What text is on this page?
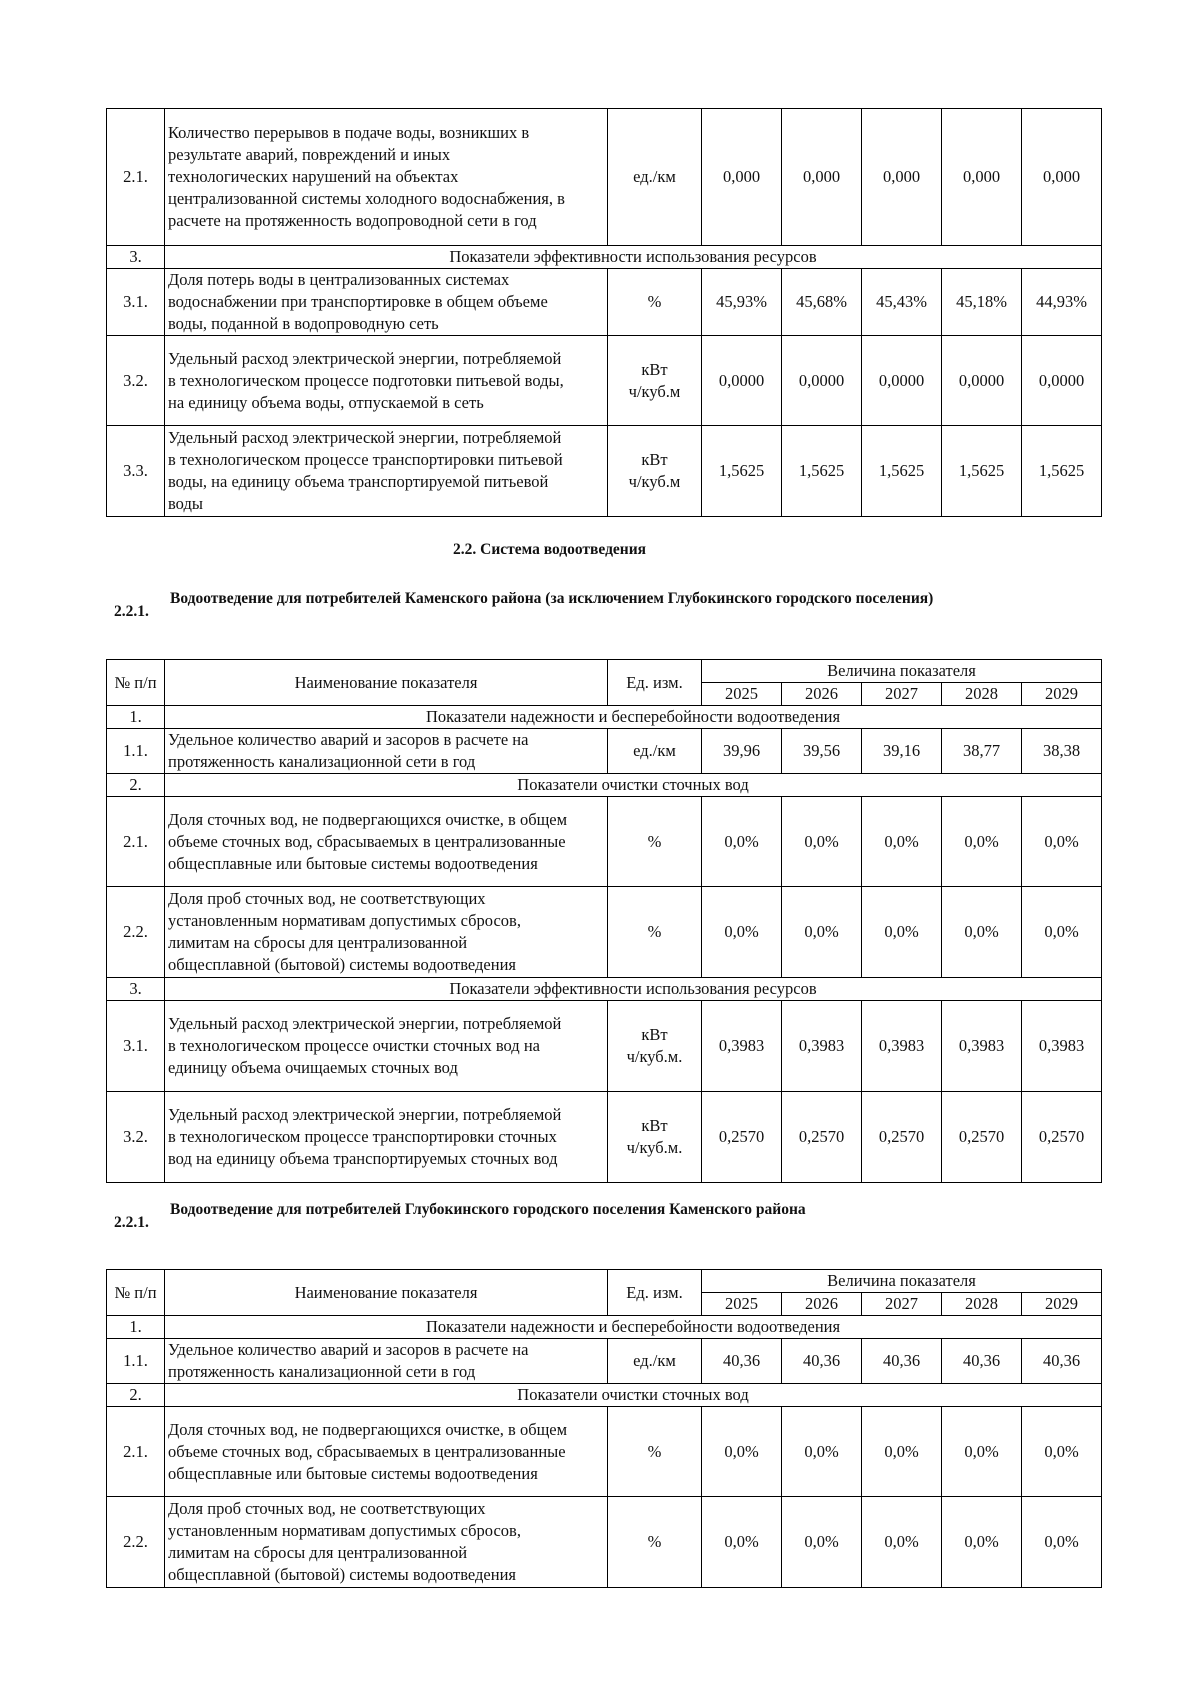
2.1.	Количество перерывов в подаче воды, возникших в
результате аварий, повреждений и иных
технологических нарушений на объектах
централизованной системы холодного водоснабжения, в
расчете на протяженность водопроводной сети в год	ед./км	0,000	0,000	0,000	0,000	0,000
3.	Показатели эффективности использования ресурсов						
3.1.	Доля потерь воды в централизованных системах
водоснабжении при транспортировке в общем объеме
воды, поданной в водопроводную сеть	%	45,93%	45,68%	45,43%	45,18%	44,93%
3.2.	Удельный расход электрической энергии, потребляемой
в технологическом процессе подготовки питьевой воды,
на единицу объема воды, отпускаемой в сеть	кВт
ч/куб.м	0,0000	0,0000	0,0000	0,0000	0,0000
3.3.	Удельный расход электрической энергии, потребляемой
в технологическом процессе транспортировки питьевой
воды, на единицу объема транспортируемой питьевой
воды	кВт
ч/куб.м	1,5625	1,5625	1,5625	1,5625	1,5625
2.2. Система водоотведения
2.2.1.
Водоотведение для потребителей Каменского района (за исключением Глубокинского городского поселения)
№ п/п	Наименование показателя	Ед. изм.	Величина показателя				
			2025	2026	2027	2028	2029
1.	Показатели надежности и бесперебойности водоотведения						
1.1.	Удельное количество аварий и засоров в расчете на
протяженность канализационной сети в год	ед./км	39,96	39,56	39,16	38,77	38,38
2.	Показатели очистки сточных вод						
2.1.	Доля сточных вод, не подвергающихся очистке, в общем
объеме сточных вод, сбрасываемых в централизованные
общесплавные или бытовые системы водоотведения	%	0,0%	0,0%	0,0%	0,0%	0,0%
2.2.	Доля проб сточных вод, не соответствующих
установленным нормативам допустимых сбросов,
лимитам на сбросы для централизованной
общесплавной (бытовой) системы водоотведения	%	0,0%	0,0%	0,0%	0,0%	0,0%
3.	Показатели эффективности использования ресурсов						
3.1.	Удельный расход электрической энергии, потребляемой
в технологическом процессе очистки сточных вод на
единицу объема очищаемых сточных вод	кВт
ч/куб.м.	0,3983	0,3983	0,3983	0,3983	0,3983
3.2.	Удельный расход электрической энергии, потребляемой
в технологическом процессе транспортировки сточных
вод на единицу объема транспортируемых сточных вод	кВт
ч/куб.м.	0,2570	0,2570	0,2570	0,2570	0,2570
2.2.1.
Водоотведение для потребителей Глубокинского городского поселения Каменского района
№ п/п	Наименование показателя	Ед. изм.	Величина показателя				
			2025	2026	2027	2028	2029
1.	Показатели надежности и бесперебойности водоотведения						
1.1.	Удельное количество аварий и засоров в расчете на
протяженность канализационной сети в год	ед./км	40,36	40,36	40,36	40,36	40,36
2.	Показатели очистки сточных вод						
2.1.	Доля сточных вод, не подвергающихся очистке, в общем
объеме сточных вод, сбрасываемых в централизованные
общесплавные или бытовые системы водоотведения	%	0,0%	0,0%	0,0%	0,0%	0,0%
2.2.	Доля проб сточных вод, не соответствующих
установленным нормативам допустимых сбросов,
лимитам на сбросы для централизованной
общесплавной (бытовой) системы водоотведения	%	0,0%	0,0%	0,0%	0,0%	0,0%
